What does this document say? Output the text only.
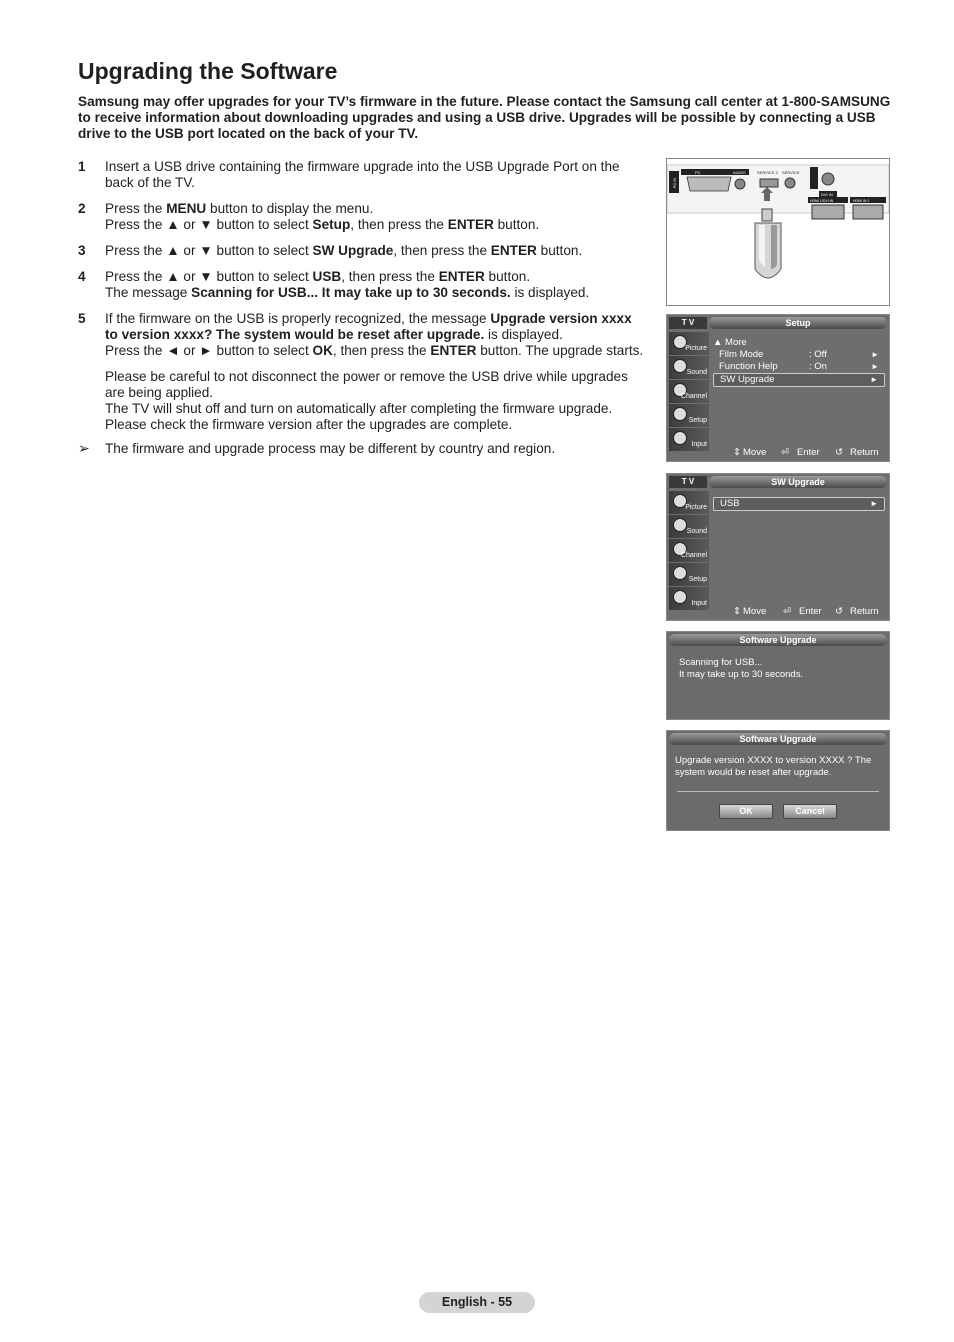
Upgrading the Software

Samsung may offer upgrades for your TV’s firmware in the future. Please contact the Samsung call center at 1-800-SAMSUNG to receive information about downloading upgrades and using a USB drive. Upgrades will be possible by connecting a USB drive to the USB port located on the back of your TV.

1 Insert a USB drive containing the firmware upgrade into the USB Upgrade Port on the back of the TV.

2 Press the MENU button to display the menu.

Press the ▲ or ▼ button to select Setup, then press the ENTER button.

3 Press the ▲ or ▼ button to select SW Upgrade, then press the ENTER button.

4 Press the ▲ or ▼ button to select USB, then press the ENTER button.

The message Scanning for USB... It may take up to 30 seconds. is displayed.

5 If the firmware on the USB is properly recognized, the message Upgrade version xxxx to version xxxx? The system would be reset after upgrade. is displayed.

Press the ◄ or ► button to select OK, then press the ENTER button. The upgrade starts.

Please be careful to not disconnect the power or remove the USB drive while upgrades are being applied.

The TV will shut off and turn on automatically after completing the firmware upgrade.

Please check the firmware version after the upgrades are complete.

➢ The firmware and upgrade process may be different by country and region.
PC IN
PC	AUDIO	SERVICE 2 SERVICE
DVI IN
HDMI 1/DVI IN	HDMI IN 2
T V	Setup
Picture
Sound
Channel
Setup
Input
▲ More
Film Mode	: Off	►
Function Help	: On	►
SW Upgrade	►
⇕ Move ⏎ Enter ↺ Return
T V	SW Upgrade
Picture
Sound
Channel
Setup
Input
USB	►
⇕ Move ⏎ Enter ↺ Return
Software Upgrade
Scanning for USB...
It may take up to 30 seconds.
Software Upgrade
Upgrade version XXXX to version XXXX ? The system would be reset after upgrade.
OK	Cancel
English - 55
